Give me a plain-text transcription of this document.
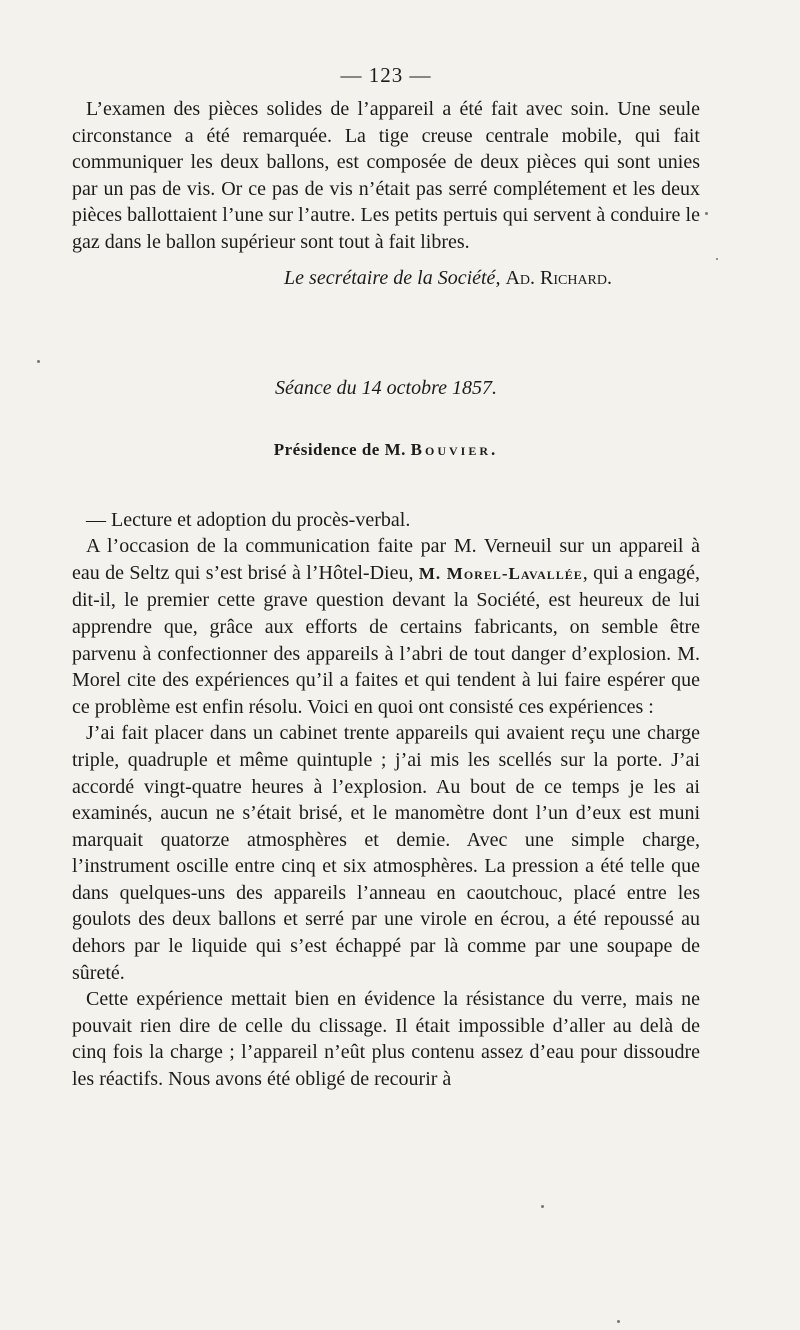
— 123 —

L’examen des pièces solides de l’appareil a été fait avec soin. Une seule circonstance a été remarquée. La tige creuse centrale mobile, qui fait communiquer les deux ballons, est composée de deux pièces qui sont unies par un pas de vis. Or ce pas de vis n’était pas serré complétement et les deux pièces ballottaient l’une sur l’autre. Les petits pertuis qui servent à conduire le gaz dans le ballon supérieur sont tout à fait libres.

Le secrétaire de la Société, Ad. Richard.
Séance du 14 octobre 1857.
Présidence de M. Bouvier.

— Lecture et adoption du procès-verbal.

A l’occasion de la communication faite par M. Verneuil sur un appareil à eau de Seltz qui s’est brisé à l’Hôtel-Dieu, M. Morel-Lavallée, qui a engagé, dit-il, le premier cette grave question devant la Société, est heureux de lui apprendre que, grâce aux efforts de certains fabricants, on semble être parvenu à confectionner des appareils à l’abri de tout danger d’explosion. M. Morel cite des expériences qu’il a faites et qui tendent à lui faire espérer que ce problème est enfin résolu. Voici en quoi ont consisté ces expériences :

J’ai fait placer dans un cabinet trente appareils qui avaient reçu une charge triple, quadruple et même quintuple ; j’ai mis les scellés sur la porte. J’ai accordé vingt-quatre heures à l’explosion. Au bout de ce temps je les ai examinés, aucun ne s’était brisé, et le manomètre dont l’un d’eux est muni marquait quatorze atmosphères et demie. Avec une simple charge, l’instrument oscille entre cinq et six atmosphères. La pression a été telle que dans quelques-uns des appareils l’anneau en caoutchouc, placé entre les goulots des deux ballons et serré par une virole en écrou, a été repoussé au dehors par le liquide qui s’est échappé par là comme par une soupape de sûreté.

Cette expérience mettait bien en évidence la résistance du verre, mais ne pouvait rien dire de celle du clissage. Il était impossible d’aller au delà de cinq fois la charge ; l’appareil n’eût plus contenu assez d’eau pour dissoudre les réactifs. Nous avons été obligé de recourir à
